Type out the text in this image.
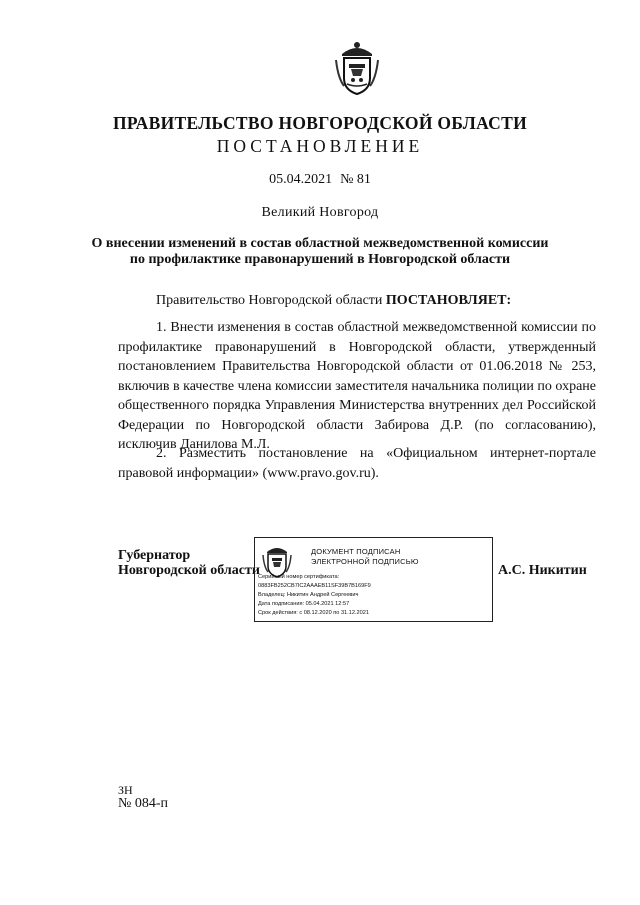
ПРАВИТЕЛЬСТВО НОВГОРОДСКОЙ ОБЛАСТИ
ПОСТАНОВЛЕНИЕ
05.04.2021 № 81
Великий Новгород
О внесении изменений в состав областной межведомственной комиссии
по профилактике правонарушений в Новгородской области
Правительство Новгородской области ПОСТАНОВЛЯЕТ:
1. Внести изменения в состав областной межведомственной комиссии по профилактике правонарушений в Новгородской области, утвержденный постановлением Правительства Новгородской области от 01.06.2018 № 253, включив в качестве члена комиссии заместителя начальника полиции по охране общественного порядка Управления Министерства внутренних дел Российской Федерации по Новгородской области Забирова Д.Р. (по согласованию), исключив Данилова М.Л.
2. Разместить постановление на «Официальном интернет-портале правовой информации» (www.pravo.gov.ru).
Губернатор
Новгородской области
ДОКУМЕНТ ПОДПИСАН
ЭЛЕКТРОННОЙ ПОДПИСЬЮ
Серийный номер сертификата:
0883FB252CB7IC2AAAEB11SF39B7B169F9
Владелец: Никитин Андрей Сергеевич
Дата подписания: 05.04.2021 12:57
Срок действия: с 08.12.2020 по 31.12.2021
А.С. Никитин
ЗН
№ 084-п
